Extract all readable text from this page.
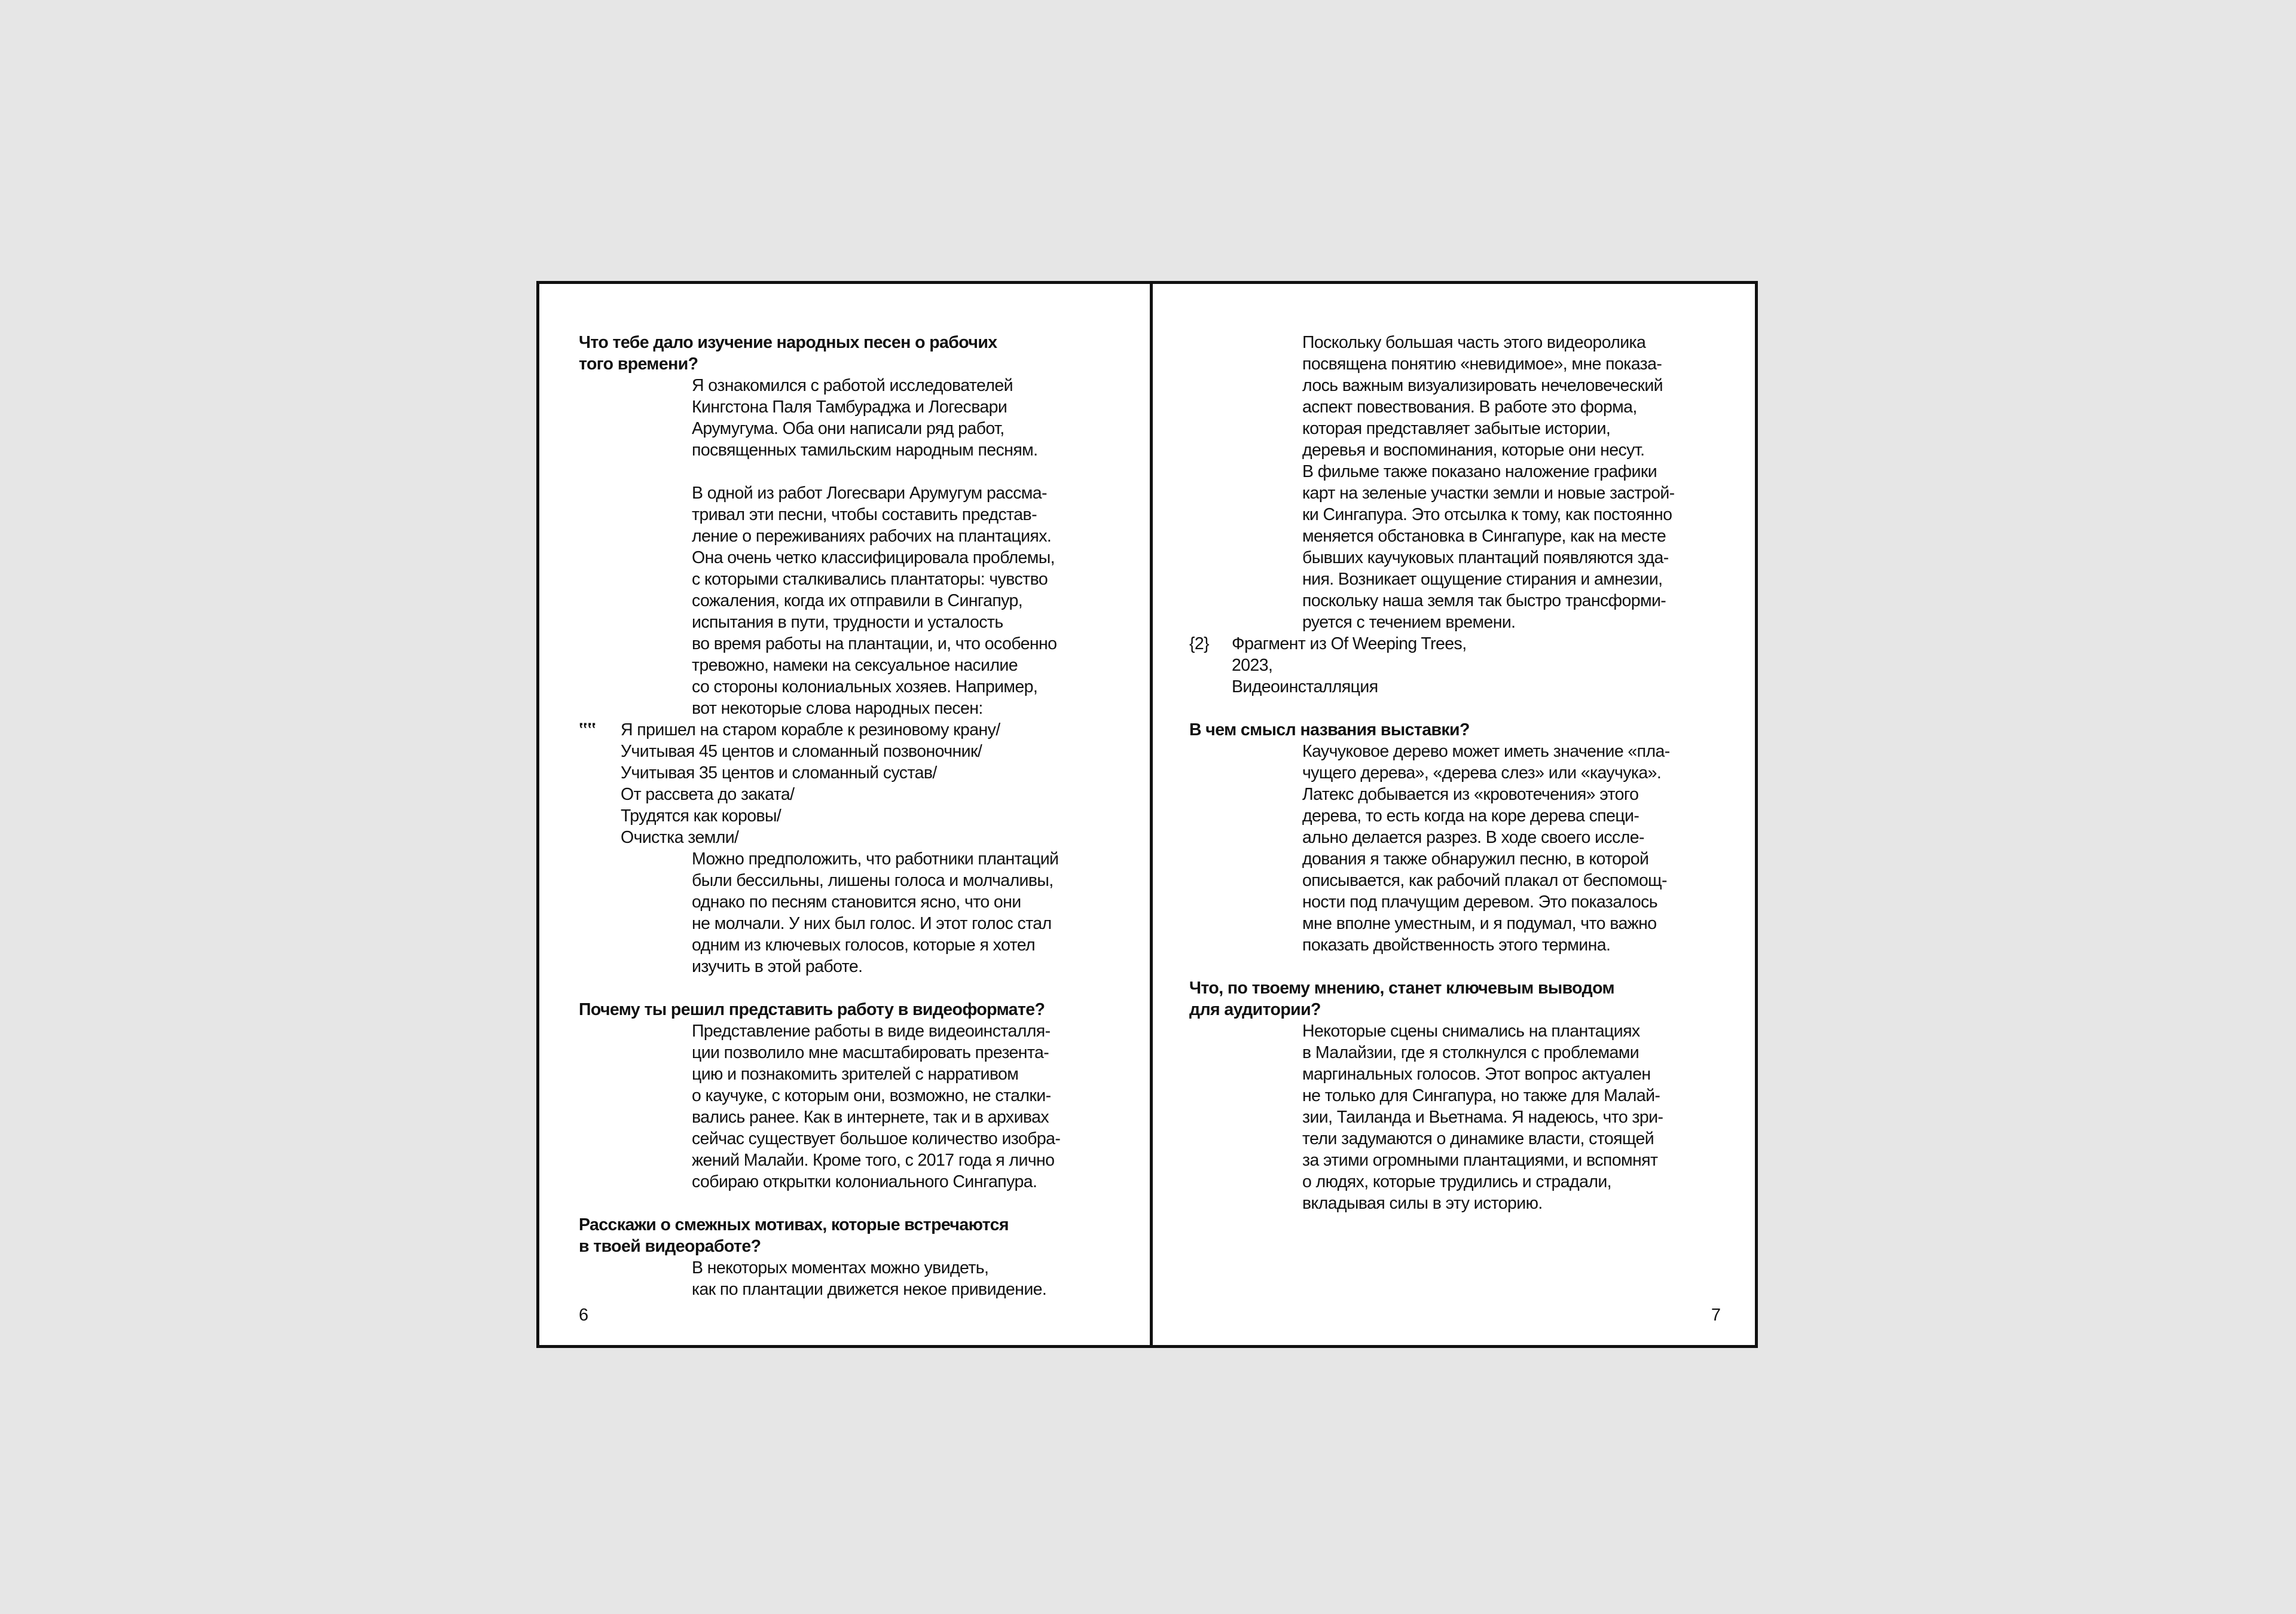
Что тебе дало изучение народных песен о рабочих
того времени?
Я ознакомился с работой исследователей
Кингстона Паля Тамбураджа и Логесвари
Арумугума. Оба они написали ряд работ,
посвященных тамильским народным песням.
В одной из работ Логесвари Арумугум рассма-
тривал эти песни, чтобы составить представ-
ление о переживаниях рабочих на плантациях.
Она очень четко классифицировала проблемы,
с которыми сталкивались плантаторы: чувство
сожаления, когда их отправили в Сингапур,
испытания в пути, трудности и усталость
во время работы на плантации, и, что особенно
тревожно, намеки на сексуальное насилие
со стороны колониальных хозяев. Например,
вот некоторые слова народных песен:
‟‟ Я пришел на старом корабле к резиновому крану/
Учитывая 45 центов и сломанный позвоночник/
Учитывая 35 центов и сломанный сустав/
От рассвета до заката/
Трудятся как коровы/
Очистка земли/
Можно предположить, что работники плантаций
были бессильны, лишены голоса и молчаливы,
однако по песням становится ясно, что они
не молчали. У них был голос. И этот голос стал
одним из ключевых голосов, которые я хотел
изучить в этой работе.
Почему ты решил представить работу в видеоформате?
Представление работы в виде видеоинсталля-
ции позволило мне масштабировать презента-
цию и познакомить зрителей с нарративом
о каучуке, с которым они, возможно, не сталки-
вались ранее. Как в интернете, так и в архивах
сейчас существует большое количество изобра-
жений Малайи. Кроме того, с 2017 года я лично
собираю открытки колониального Сингапура.
Расскажи о смежных мотивах, которые встречаются
в твоей видеоработе?
В некоторых моментах можно увидеть,
как по плантации движется некое привидение.
6
Поскольку большая часть этого видеоролика
посвящена понятию «невидимое», мне показа-
лось важным визуализировать нечеловеческий
аспект повествования. В работе это форма,
которая представляет забытые истории,
деревья и воспоминания, которые они несут.
В фильме также показано наложение графики
карт на зеленые участки земли и новые застрой-
ки Сингапура. Это отсылка к тому, как постоянно
меняется обстановка в Сингапуре, как на месте
бывших каучуковых плантаций появляются зда-
ния. Возникает ощущение стирания и амнезии,
поскольку наша земля так быстро трансформи-
руется с течением времени.
{2} Фрагмент из Of Weeping Trees,
2023,
Видеоинсталляция
В чем смысл названия выставки?
Каучуковое дерево может иметь значение «пла-
чущего дерева», «дерева слез» или «каучука».
Латекс добывается из «кровотечения» этого
дерева, то есть когда на коре дерева специ-
ально делается разрез. В ходе своего иссле-
дования я также обнаружил песню, в которой
описывается, как рабочий плакал от беспомощ-
ности под плачущим деревом. Это показалось
мне вполне уместным, и я подумал, что важно
показать двойственность этого термина.
Что, по твоему мнению, станет ключевым выводом
для аудитории?
Некоторые сцены снимались на плантациях
в Малайзии, где я столкнулся с проблемами
маргинальных голосов. Этот вопрос актуален
не только для Сингапура, но также для Малай-
зии, Таиланда и Вьетнама. Я надеюсь, что зри-
тели задумаются о динамике власти, стоящей
за этими огромными плантациями, и вспомнят
о людях, которые трудились и страдали,
вкладывая силы в эту историю.
7
